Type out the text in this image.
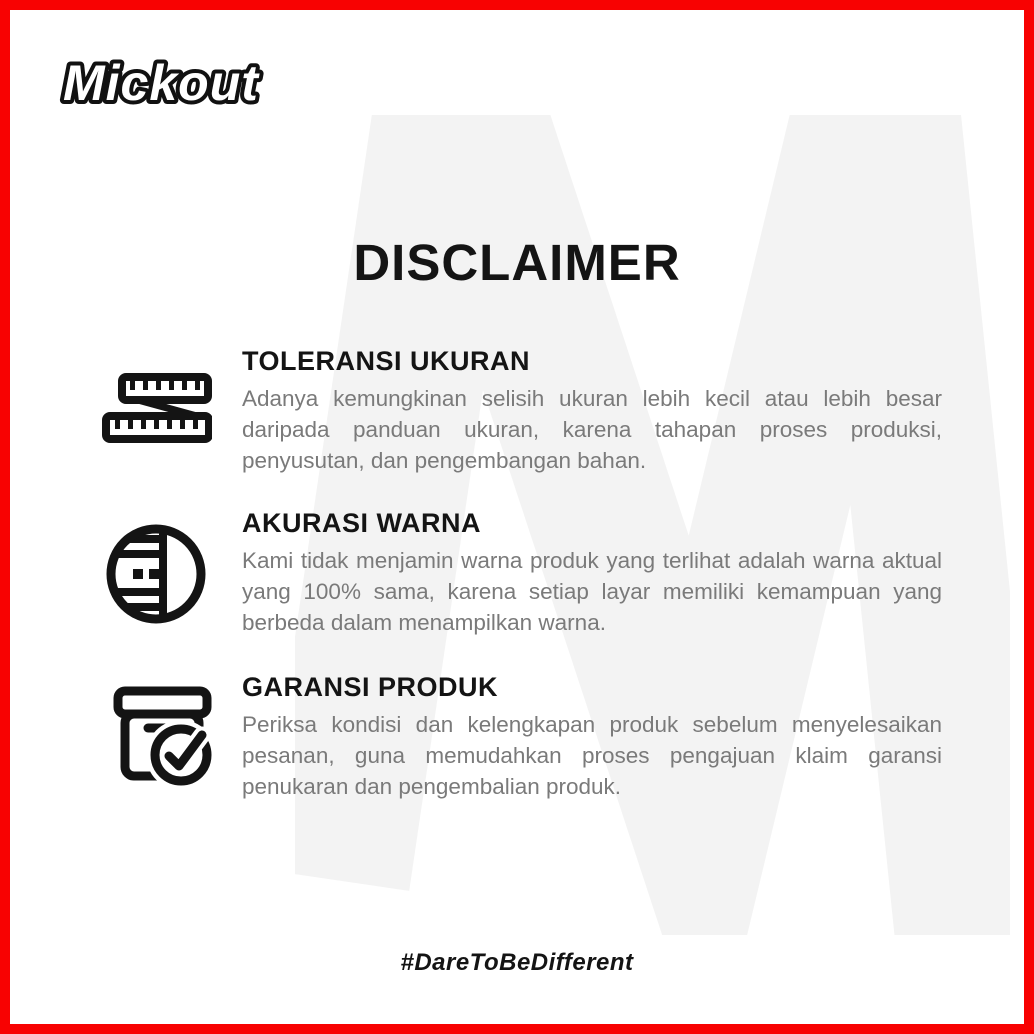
Mickout
DISCLAIMER
TOLERANSI UKURAN
Adanya kemungkinan selisih ukuran lebih kecil atau lebih besar daripada panduan ukuran, karena tahapan proses produksi, penyusutan, dan pengembangan bahan.
AKURASI WARNA
Kami tidak menjamin warna produk yang terlihat adalah warna aktual yang 100% sama, karena setiap layar memiliki kemampuan yang berbeda dalam menampilkan warna.
GARANSI PRODUK
Periksa kondisi dan kelengkapan produk sebelum menyelesaikan pesanan, guna memudahkan proses pengajuan klaim garansi penukaran dan pengembalian produk.
#DareToBeDifferent
